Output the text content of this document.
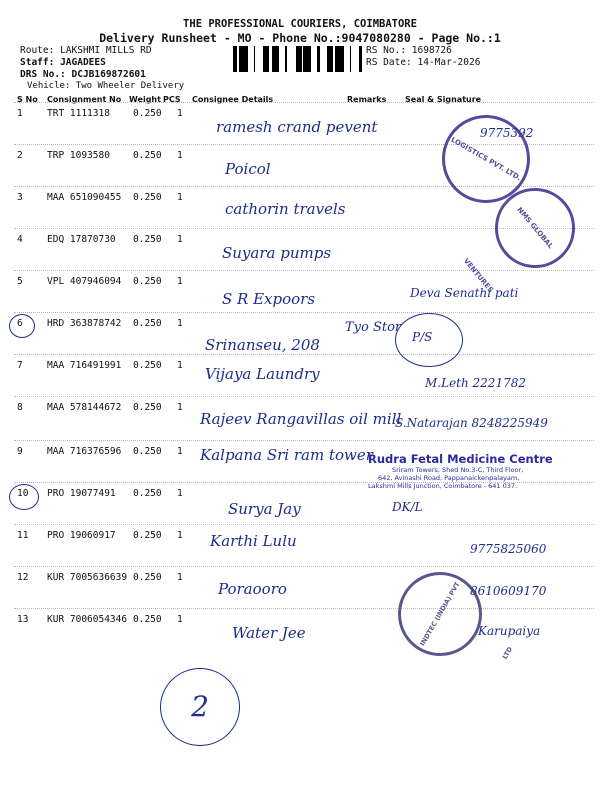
THE PROFESSIONAL COURIERS, COIMBATORE
Delivery Runsheet - MO - Phone No.:9047080280 - Page No.:1
Route: LAKSHMI MILLS RD
Staff: JAGADEES
DRS No.: DCJB169872601
Vehicle: Two Wheeler Delivery
RS No.: 1698726
RS Date: 14-Mar-2026
S No Consignment No Weight PCS Consignee Details	Remarks Seal & Signature
1	TRT 1111318 0.250 1
ramesh crand pevent	9775392
2	TRP 1093580 0.250 1
Poicol
3	MAA 651090455 0.250 1
cathorin travels
4	EDQ 17870730 0.250 1
Suyara pumps
5	VPL 407946094 0.250 1
S R Expoors	Deva Senathi pati
6	HRD 363878742 0.250 1
Srinanseu, 208	P/S
7	MAA 716491991 0.250 1 Vijaya Laundry	M.Leth 2221782
8	MAA 578144672 0.250 1
Rajeev Rangavillas oil mill
S.Natarajan 8248225949
9	MAA 716376596 0.250 1 Kalpana Sri ram tower
10 PRO 19077491 0.250 1
Surya Jay	DK/L
11 PRO 19060917 0.250 1 Karthi Lulu	9775825060
12 KUR 7005636639 0.250 1
Poraooro	8610609170
13 KUR 7006054346 0.250 1
Water Jee	Karupaiya
LOGISTICS PVT. LTD.
NMS GLOBAL VENTURES
INDTEC (INDIA) PVT LTD
Rudra Fetal Medicine Centre
Sriram Towers, Shed No.3-C, Third Floor,
642, Avinashi Road, Pappanaickenpalayam,
Lakshmi Mills Junction, Coimbatore - 641 037.
Tyo Stor
2
